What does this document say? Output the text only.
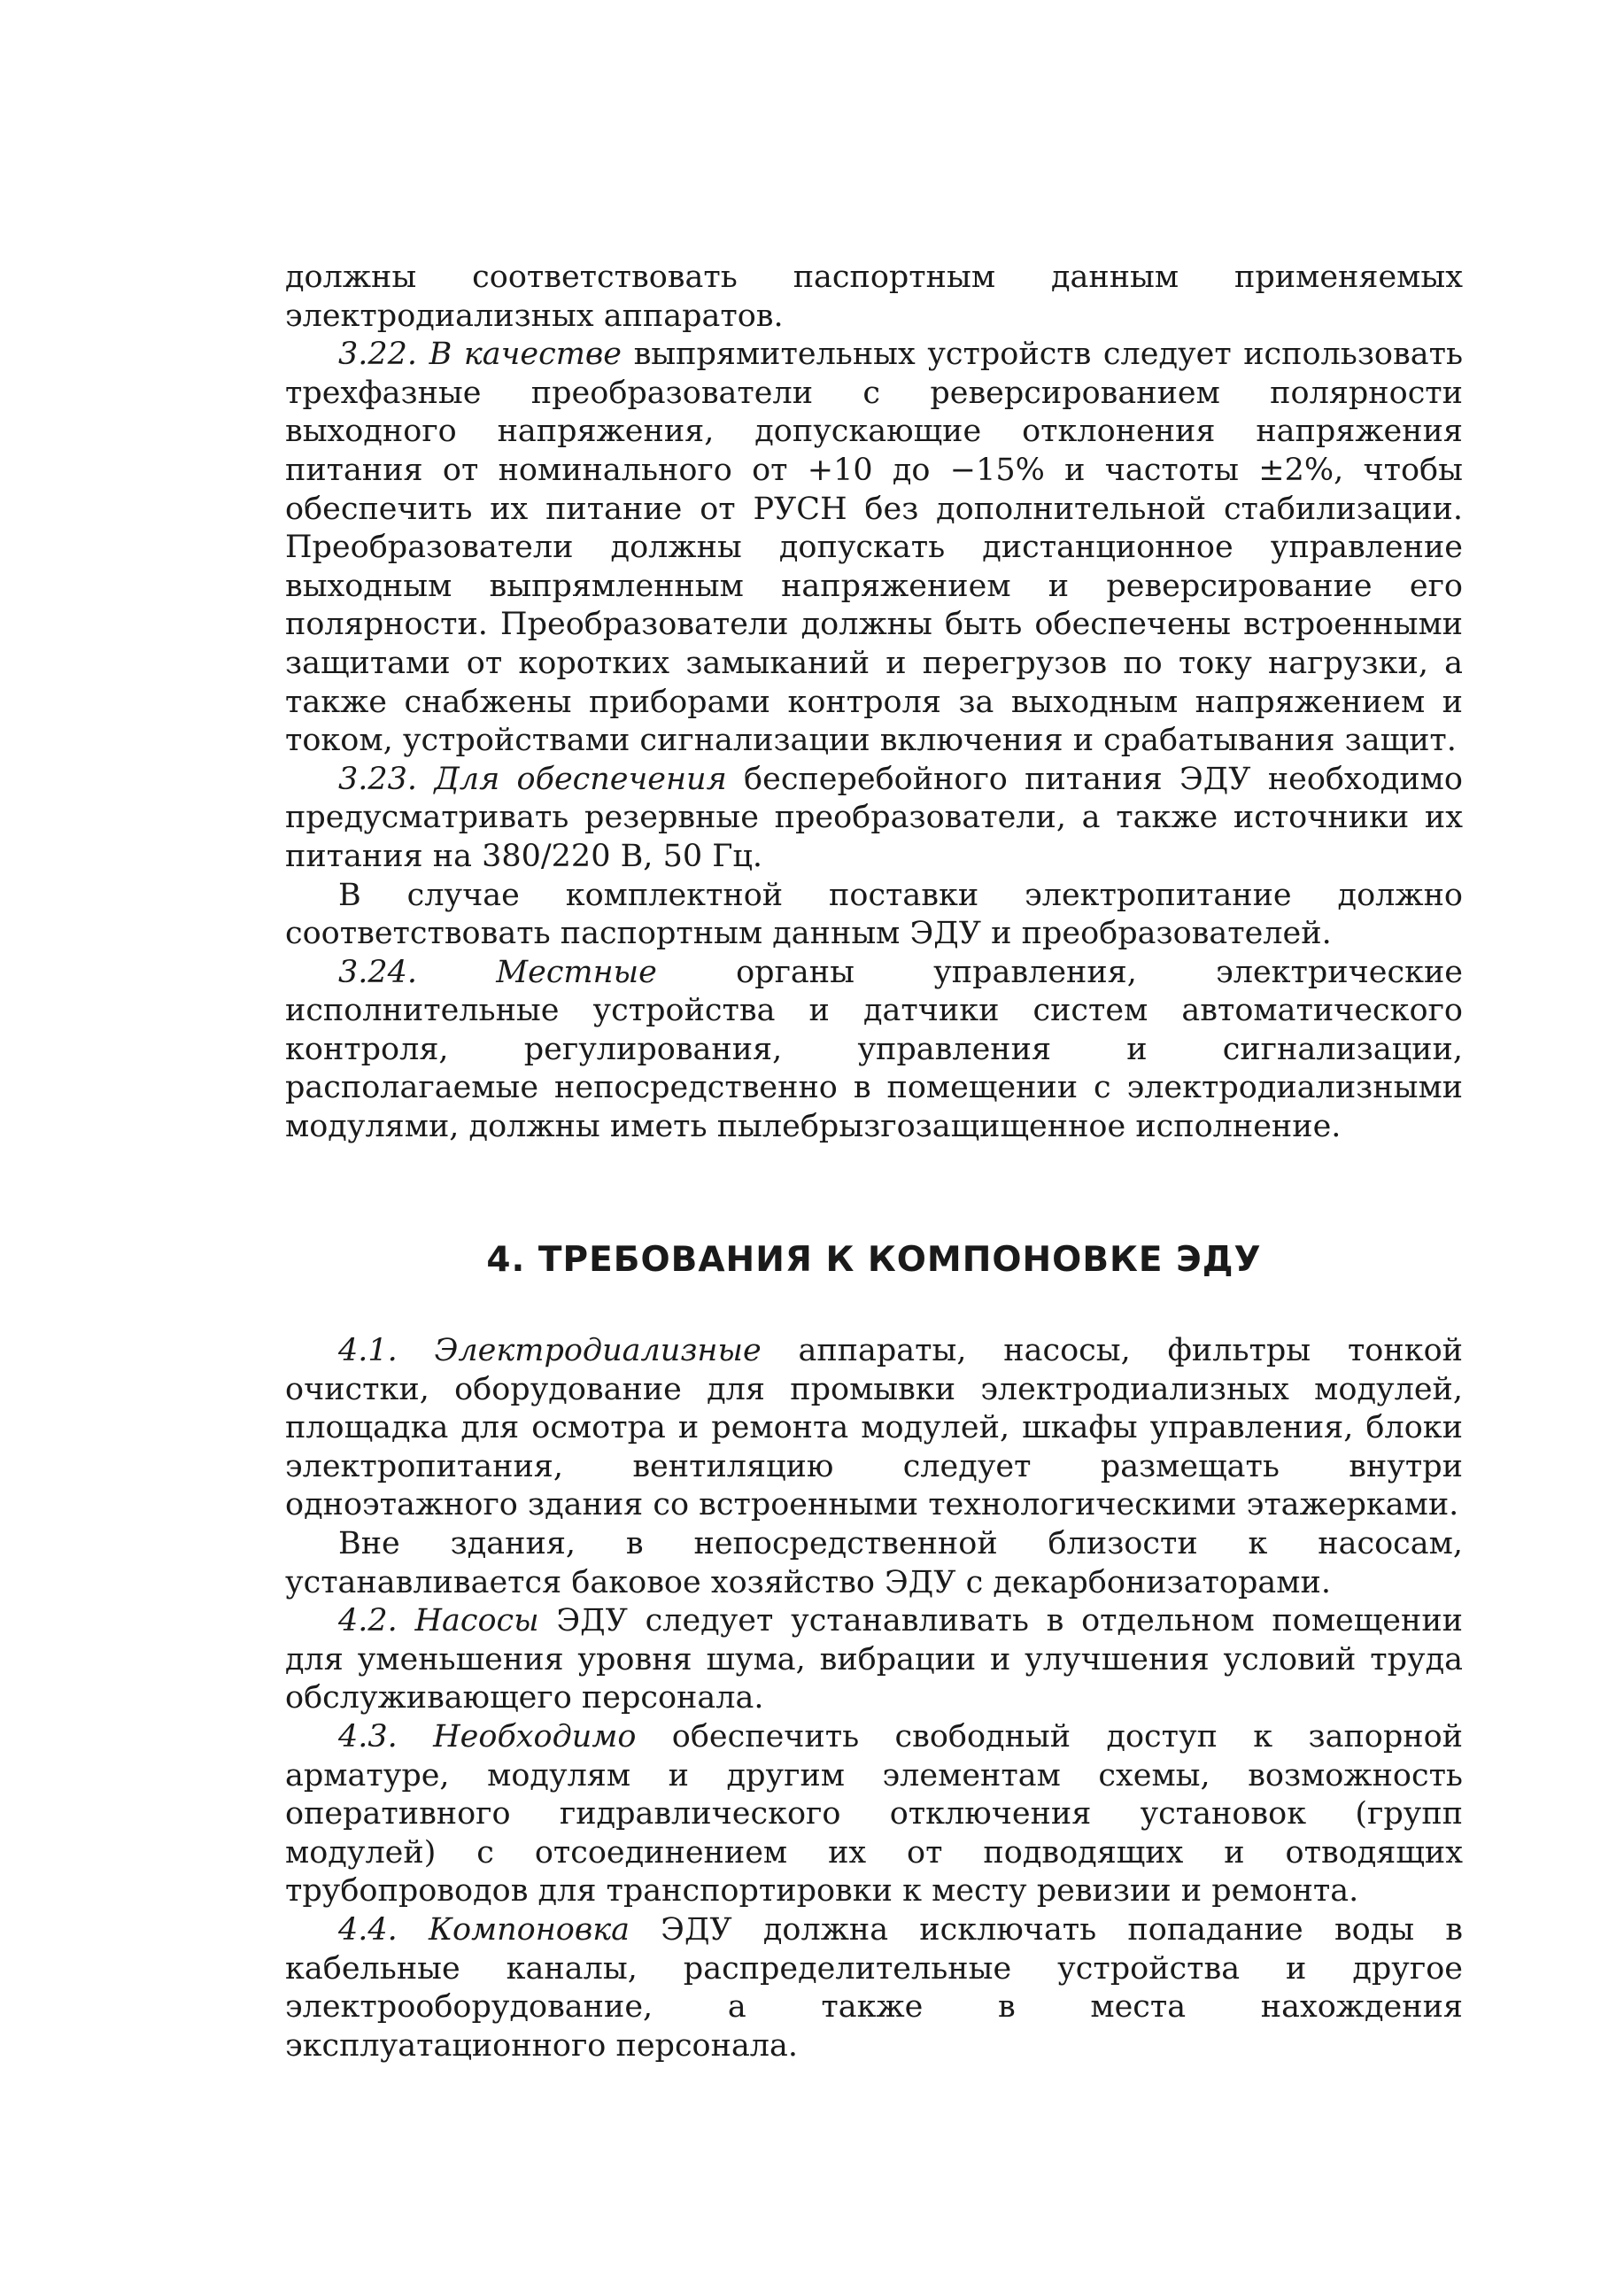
должны соответствовать паспортным данным применяемых электродиализных аппаратов.

3.22. В качестве выпрямительных устройств следует использовать трехфазные преобразователи с реверсированием полярности выходного напряжения, допускающие отклонения напряжения питания от номинального от +10 до −15% и частоты ±2%, чтобы обеспечить их питание от РУСН без дополнительной стабилизации. Преобразователи должны допускать дистанционное управление выходным выпрямленным напряжением и реверсирование его полярности. Преобразователи должны быть обеспечены встроенными защитами от коротких замыканий и перегрузов по току нагрузки, а также снабжены приборами контроля за выходным напряжением и током, устройствами сигнализации включения и срабатывания защит.

3.23. Для обеспечения бесперебойного питания ЭДУ необходимо предусматривать резервные преобразователи, а также источники их питания на 380/220 В, 50 Гц.

В случае комплектной поставки электропитание должно соответствовать паспортным данным ЭДУ и преобразователей.

3.24. Местные органы управления, электрические исполнительные устройства и датчики систем автоматического контроля, регулирования, управления и сигнализации, располагаемые непосредственно в помещении с электродиализными модулями, должны иметь пылебрызгозащищенное исполнение.

4. ТРЕБОВАНИЯ К КОМПОНОВКЕ ЭДУ

4.1. Электродиализные аппараты, насосы, фильтры тонкой очистки, оборудование для промывки электродиализных модулей, площадка для осмотра и ремонта модулей, шкафы управления, блоки электропитания, вентиляцию следует размещать внутри одноэтажного здания со встроенными технологическими этажерками.

Вне здания, в непосредственной близости к насосам, устанавливается баковое хозяйство ЭДУ с декарбонизаторами.

4.2. Насосы ЭДУ следует устанавливать в отдельном помещении для уменьшения уровня шума, вибрации и улучшения условий труда обслуживающего персонала.

4.3. Необходимо обеспечить свободный доступ к запорной арматуре, модулям и другим элементам схемы, возможность оперативного гидравлического отключения установок (групп модулей) с отсоединением их от подводящих и отводящих трубопроводов для транспортировки к месту ревизии и ремонта.

4.4. Компоновка ЭДУ должна исключать попадание воды в кабельные каналы, распределительные устройства и другое электрооборудование, а также в места нахождения эксплуатационного персонала.
